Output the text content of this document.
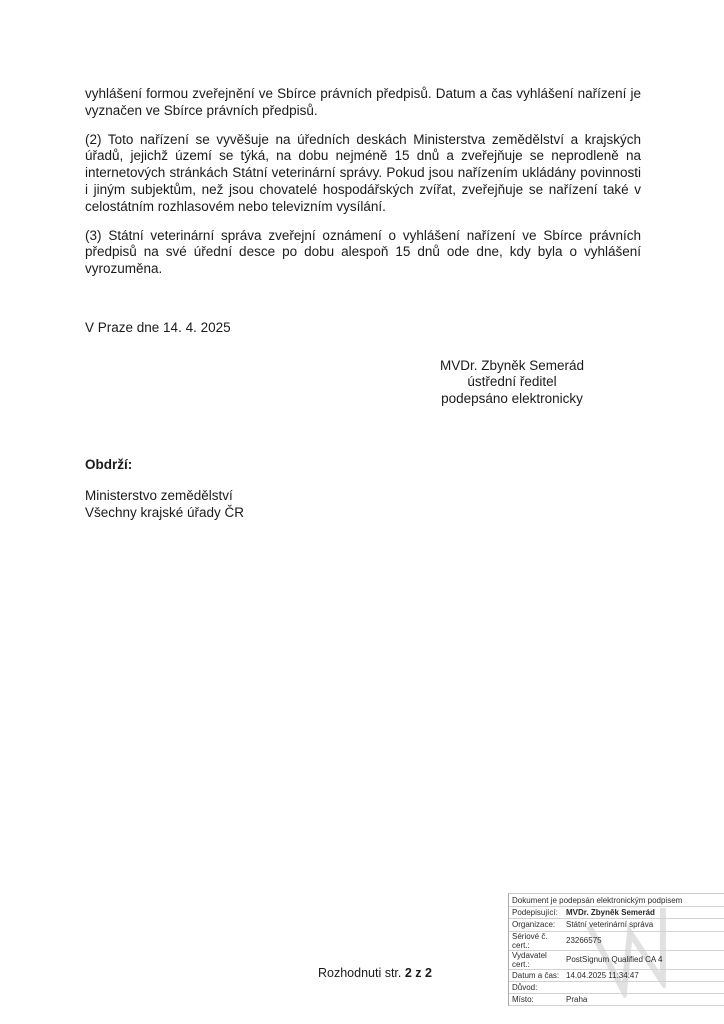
vyhlášení formou zveřejnění ve Sbírce právních předpisů. Datum a čas vyhlášení nařízení je vyznačen ve Sbírce právních předpisů.

(2) Toto nařízení se vyvěšuje na úředních deskách Ministerstva zemědělství a krajských úřadů, jejichž území se týká, na dobu nejméně 15 dnů a zveřejňuje se neprodleně na internetových stránkách Státní veterinární správy. Pokud jsou nařízením ukládány povinnosti i jiným subjektům, než jsou chovatelé hospodářských zvířat, zveřejňuje se nařízení také v celostátním rozhlasovém nebo televizním vysílání.

(3) Státní veterinární správa zveřejní oznámení o vyhlášení nařízení ve Sbírce právních předpisů na své úřední desce po dobu alespoň 15 dnů ode dne, kdy byla o vyhlášení vyrozuměna.

V Praze dne 14. 4. 2025
MVDr. Zbyněk Semerád
ústřední ředitel
podepsáno elektronicky
Obdrží:
Ministerstvo zemědělství
Všechny krajské úřady ČR
Rozhodnuti str. 2 z 2
Dokument je podepsán elektronickým podpisem
Podepisující:	MVDr. Zbyněk Semerád
Organizace:	Státní veterinární správa
Sériové č. cert.:	23266575
Vydavatel cert.:	PostSignum Qualified CA 4
Datum a čas: 14.04.2025 11:34:47
Důvod:
Místo:	Praha
